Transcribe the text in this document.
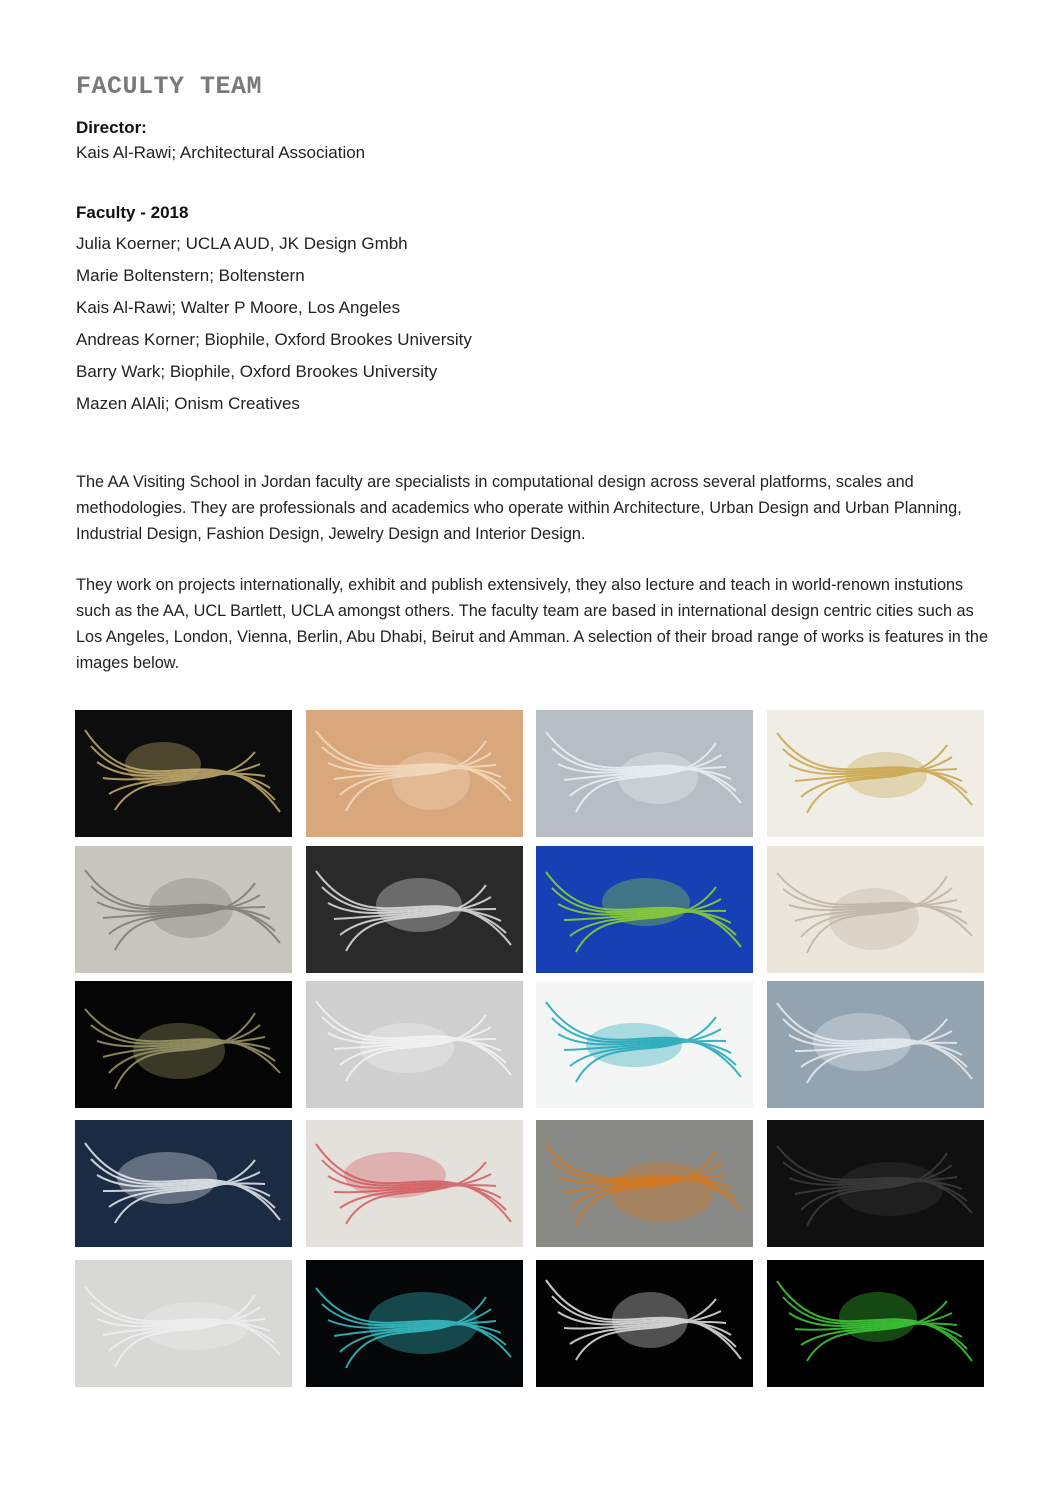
FACULTY TEAM
Director:
Kais Al-Rawi; Architectural Association
Faculty - 2018
Julia Koerner; UCLA AUD, JK Design Gmbh
Marie Boltenstern; Boltenstern
Kais Al-Rawi; Walter P Moore, Los Angeles
Andreas Korner; Biophile, Oxford Brookes University
Barry Wark; Biophile, Oxford Brookes University
Mazen AlAli; Onism Creatives

The AA Visiting School in Jordan faculty are specialists in computational design across several platforms, scales and methodologies. They are professionals and academics who operate within Architecture, Urban Design and Urban Planning, Industrial Design, Fashion Design, Jewelry Design and Interior Design.

They work on projects internationally, exhibit and publish extensively, they also lecture and teach in world-renown instutions such as the AA, UCL Bartlett, UCLA amongst others. The faculty team are based in international design centric cities such as Los Angeles, London, Vienna, Berlin, Abu Dhabi, Beirut and Amman. A selection of their broad range of works is features in the images below.
